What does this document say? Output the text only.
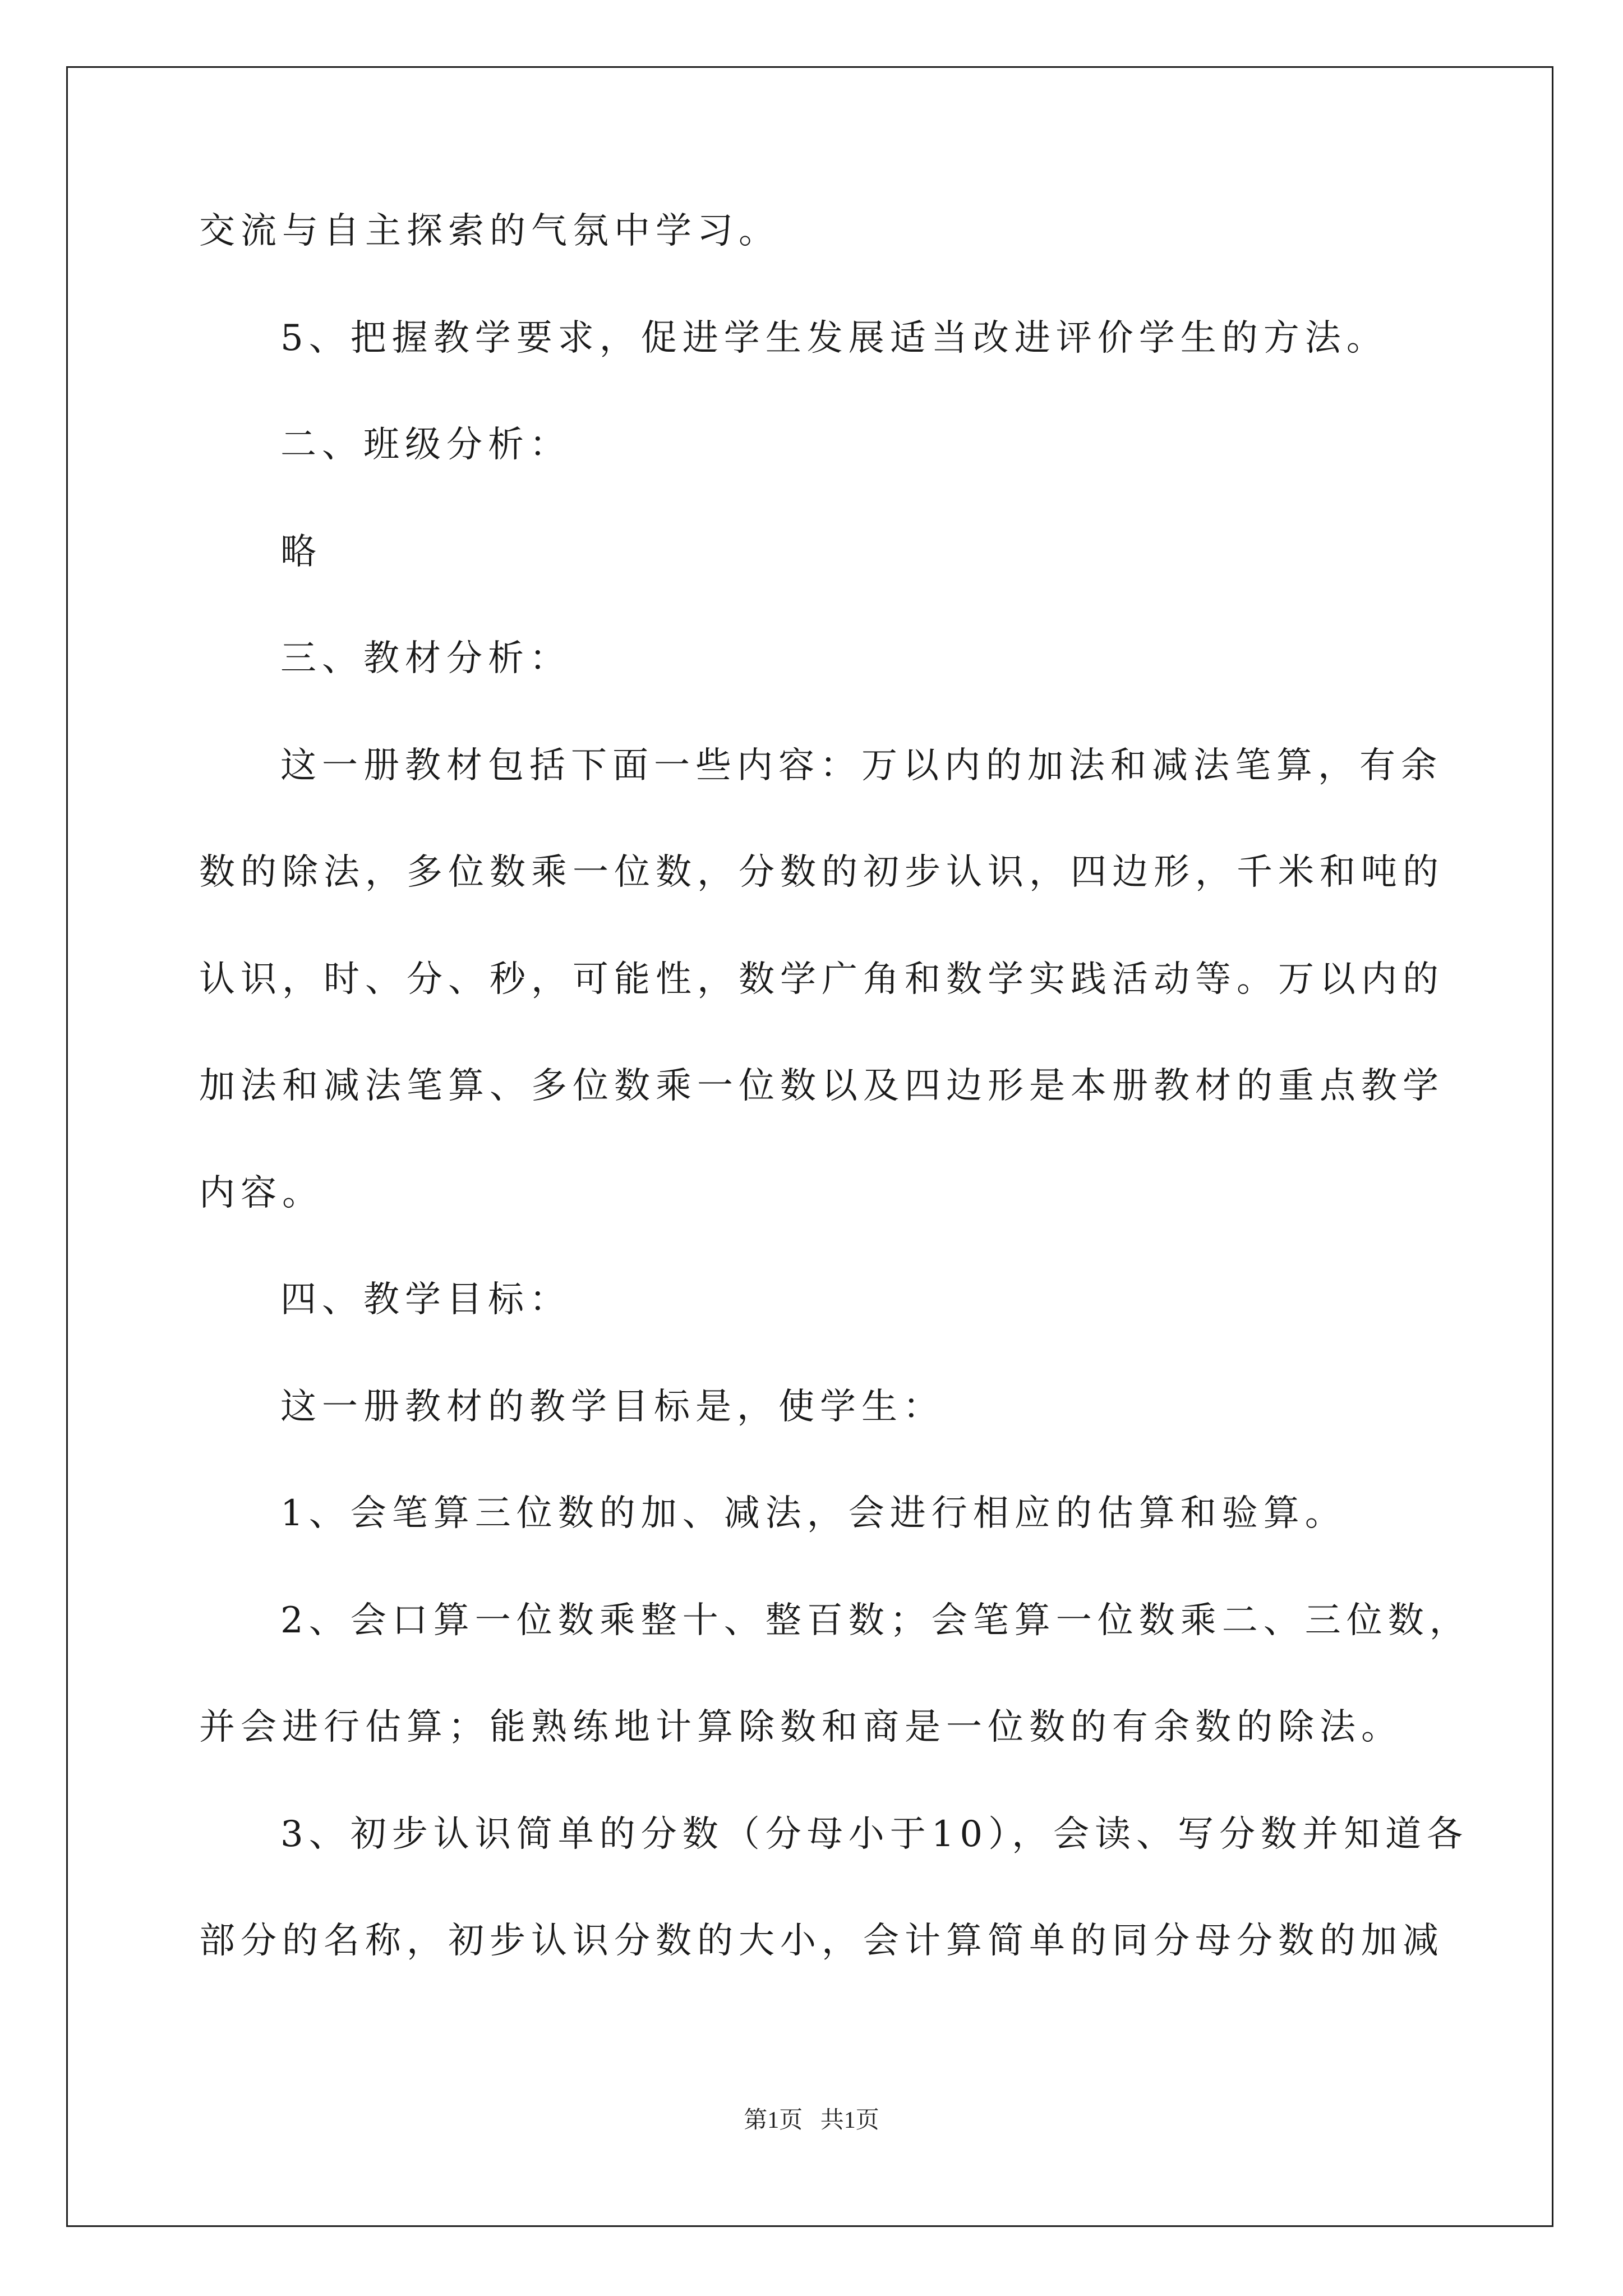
交流与自主探索的气氛中学习。
5、把握教学要求，促进学生发展适当改进评价学生的方法。
二、班级分析：
略
三、教材分析：
这一册教材包括下面一些内容：万以内的加法和减法笔算，有余
数的除法，多位数乘一位数，分数的初步认识，四边形，千米和吨的
认识，时、分、秒，可能性，数学广角和数学实践活动等。万以内的
加法和减法笔算、多位数乘一位数以及四边形是本册教材的重点教学
内容。
四、教学目标：
这一册教材的教学目标是，使学生：
1、会笔算三位数的加、减法，会进行相应的估算和验算。
2、会口算一位数乘整十、整百数；会笔算一位数乘二、三位数，
并会进行估算；能熟练地计算除数和商是一位数的有余数的除法。
3、初步认识简单的分数（分母小于10），会读、写分数并知道各
部分的名称，初步认识分数的大小，会计算简单的同分母分数的加减
第1页   共1页
